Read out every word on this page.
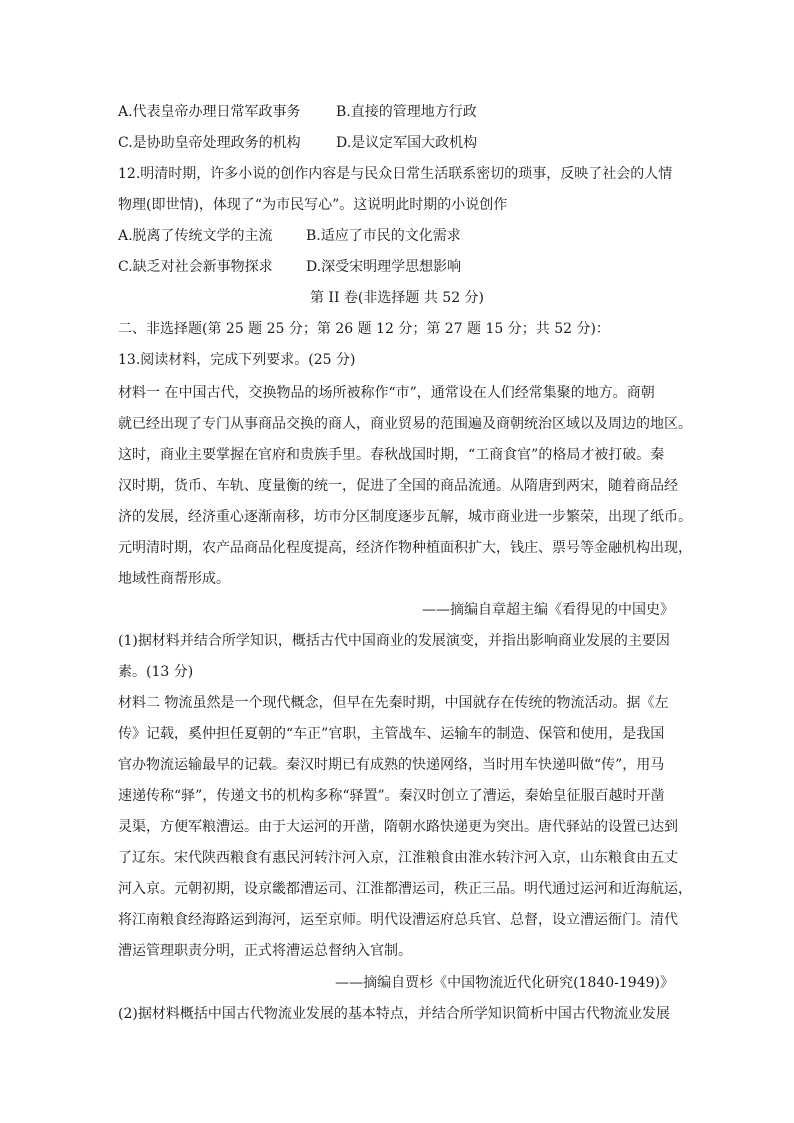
A.代表皇帝办理日常军政事务	B.直接的管理地方行政
C.是协助皇帝处理政务的机构	D.是议定军国大政机构
12.明清时期，许多小说的创作内容是与民众日常生活联系密切的琐事，反映了社会的人情
物理(即世情)，体现了“为市民写心”。这说明此时期的小说创作
A.脱离了传统文学的主流 B.适应了市民的文化需求
C.缺乏对社会新事物探求 D.深受宋明理学思想影响
第 II 卷(非选择题 共 52 分)
二、非选择题(第 25 题 25 分；第 26 题 12 分；第 27 题 15 分；共 52 分)：
13.阅读材料，完成下列要求。(25 分)
材料一 在中国古代，交换物品的场所被称作“市”，通常设在人们经常集聚的地方。商朝
就已经出现了专门从事商品交换的商人，商业贸易的范围遍及商朝统治区域以及周边的地区。
这时，商业主要掌握在官府和贵族手里。春秋战国时期，“工商食官”的格局才被打破。秦
汉时期，货币、车轨、度量衡的统一，促进了全国的商品流通。从隋唐到两宋，随着商品经
济的发展，经济重心逐渐南移，坊市分区制度逐步瓦解，城市商业进一步繁荣，出现了纸币。
元明清时期，农产品商品化程度提高，经济作物种植面积扩大，钱庄、票号等金融机构出现，
地域性商帮形成。
——摘编自章超主编《看得见的中国史》
(1)据材料并结合所学知识，概括古代中国商业的发展演变，并指出影响商业发展的主要因
素。(13 分)
材料二 物流虽然是一个现代概念，但早在先秦时期，中国就存在传统的物流活动。据《左
传》记载，奚仲担任夏朝的“车正”官职，主管战车、运输车的制造、保管和使用，是我国
官办物流运输最早的记载。秦汉时期已有成熟的快递网络，当时用车快递叫做“传”，用马
速递传称“驿”，传递文书的机构多称“驿置”。秦汉时创立了漕运，秦始皇征服百越时开凿
灵渠，方便军粮漕运。由于大运河的开凿，隋朝水路快递更为突出。唐代驿站的设置已达到
了辽东。宋代陕西粮食有惠民河转汴河入京，江淮粮食由淮水转汴河入京，山东粮食由五丈
河入京。元朝初期，设京畿都漕运司、江淮都漕运司，秩正三品。明代通过运河和近海航运，
将江南粮食经海路运到海河，运至京师。明代设漕运府总兵官、总督，设立漕运衙门。清代
漕运管理职责分明，正式将漕运总督纳入官制。
——摘编自贾杉《中国物流近代化研究(1840-1949)》
(2)据材料概括中国古代物流业发展的基本特点，并结合所学知识简析中国古代物流业发展
